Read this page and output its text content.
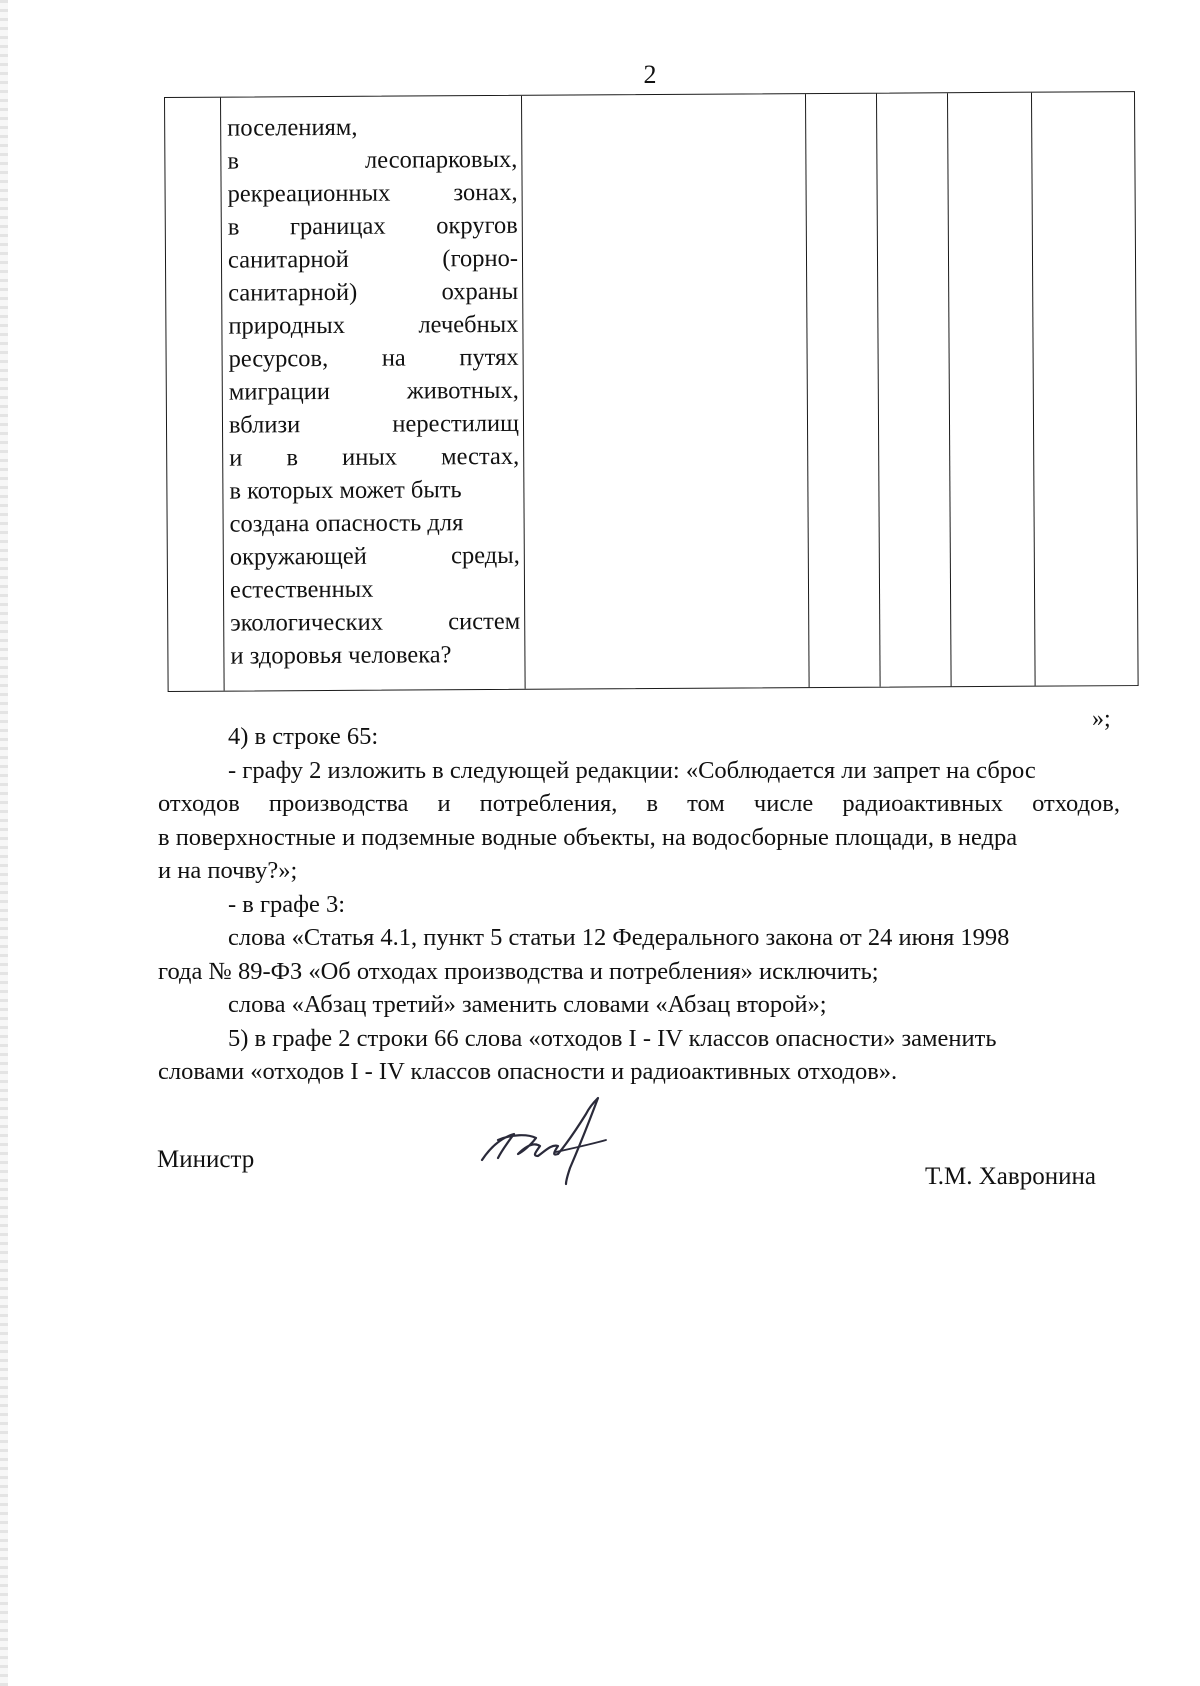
2
поселениям,
в	лесопарковых,
рекреационных	зонах,
в границах округов
санитарной	(горно-
санитарной)	охраны
природных	лечебных
ресурсов, на путях
миграции	животных,
вблизи	нерестилищ
и в иных местах,
в которых может быть
создана опасность для
окружающей	среды,
естественных
экологических	систем
и здоровья человека?
»;
4) в строке 65:
- графу 2 изложить в следующей редакции: «Соблюдается ли запрет на сброс
отходов производства и потребления, в том числе радиоактивных отходов,
в поверхностные и подземные водные объекты, на водосборные площади, в недра
и на почву?»;
- в графе 3:
слова «Статья 4.1, пункт 5 статьи 12 Федерального закона от 24 июня 1998
года № 89-ФЗ «Об отходах производства и потребления» исключить;
слова «Абзац третий» заменить словами «Абзац второй»;
5) в графе 2 строки 66 слова «отходов I - IV классов опасности» заменить
словами «отходов I - IV классов опасности и радиоактивных отходов».
Министр
Т.М. Хавронина
